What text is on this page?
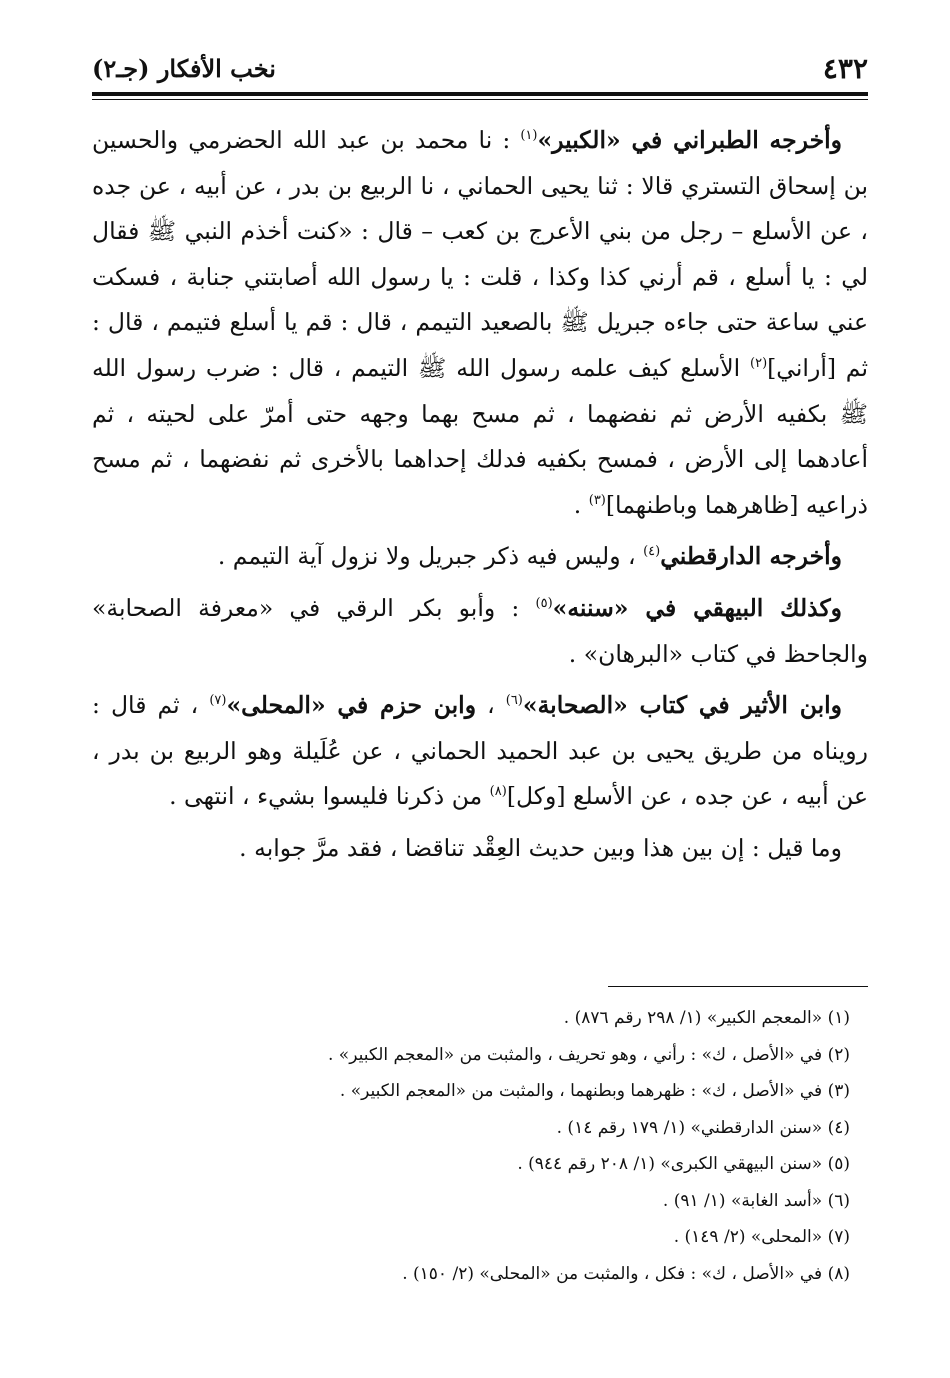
٤٣٢
نخب الأفكار (جـ٢)

وأخرجه الطبراني في «الكبير»$^{(١)}$ : نا محمد بن عبد الله الحضرمي والحسين بن إسحاق التستري قالا : ثنا يحيى الحماني ، نا الربيع بن بدر ، عن أبيه ، عن جده ، عن الأسلع – رجل من بني الأعرج بن كعب – قال : «كنت أخذم النبي ﷺ فقال لي : يا أسلع ، قم أرني كذا وكذا ، قلت : يا رسول الله أصابتني جنابة ، فسكت عني ساعة حتى جاءه جبريل ﷺ بالصعيد التيمم ، قال : قم يا أسلع فتيمم ، قال : ثم [أراني]$^{(٢)}$ الأسلع كيف علمه رسول الله ﷺ التيمم ، قال : ضرب رسول الله ﷺ بكفيه الأرض ثم نفضهما ، ثم مسح بهما وجهه حتى أمرّ على لحيته ، ثم أعادهما إلى الأرض ، فمسح بكفيه فدلك إحداهما بالأخرى ثم نفضهما ، ثم مسح ذراعيه [ظاهرهما وباطنهما]$^{(٣)}$ .

وأخرجه الدارقطني$^{(٤)}$ ، وليس فيه ذكر جبريل ولا نزول آية التيمم .

وكذلك البيهقي في «سننه»$^{(٥)}$ : وأبو بكر الرقي في «معرفة الصحابة» والجاحظ في كتاب «البرهان» .

وابن الأثير في كتاب «الصحابة»$^{(٦)}$ ، وابن حزم في «المحلى»$^{(٧)}$ ، ثم قال : رويناه من طريق يحيى بن عبد الحميد الحماني ، عن عُلَيلة وهو الربيع بن بدر ، عن أبيه ، عن جده ، عن الأسلع [وكل]$^{(٨)}$ من ذكرنا فليسوا بشيء ، انتهى .

وما قيل : إن بين هذا وبين حديث العِقْد تناقضا ، فقد مرَّ جوابه .

(١) «المعجم الكبير» (١/ ٢٩٨ رقم ٨٧٦) .
(٢) في «الأصل ، ك» : رأني ، وهو تحريف ، والمثبت من «المعجم الكبير» .
(٣) في «الأصل ، ك» : ظهرهما وبطنهما ، والمثبت من «المعجم الكبير» .
(٤) «سنن الدارقطني» (١/ ١٧٩ رقم ١٤) .
(٥) «سنن البيهقي الكبرى» (١/ ٢٠٨ رقم ٩٤٤) .
(٦) «أسد الغابة» (١/ ٩١) .
(٧) «المحلى» (٢/ ١٤٩) .
(٨) في «الأصل ، ك» : فكل ، والمثبت من «المحلى» (٢/ ١٥٠) .
